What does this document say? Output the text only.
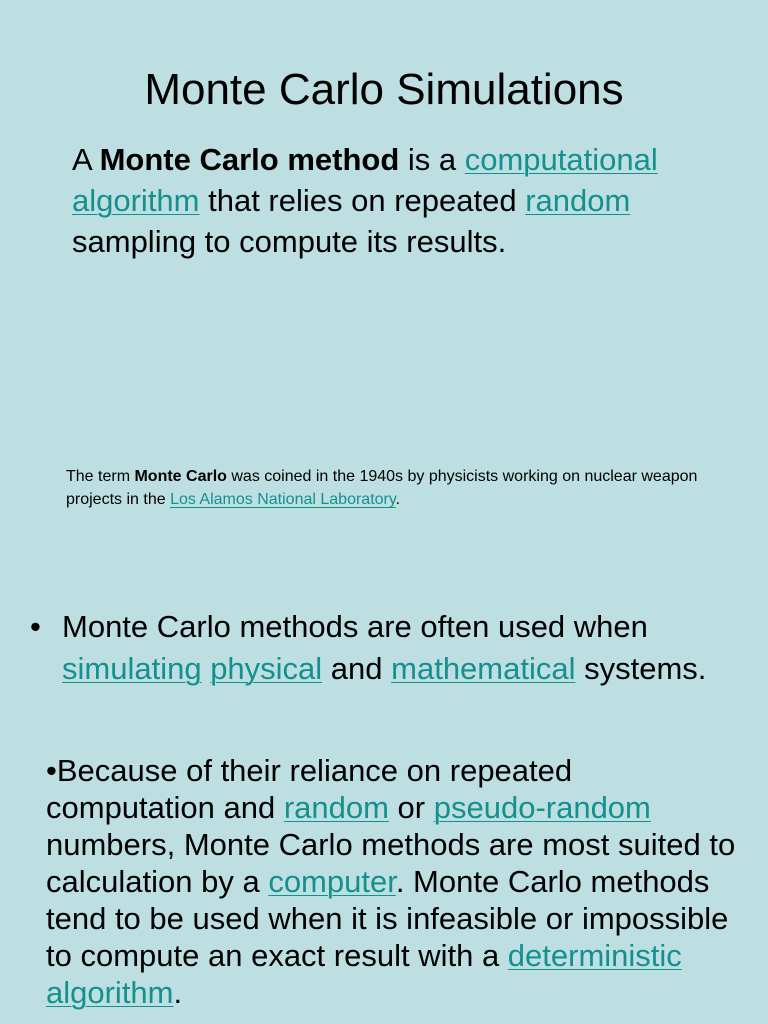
Monte Carlo Simulations

A Monte Carlo method is a computational algorithm that relies on repeated random sampling to compute its results.

The term Monte Carlo was coined in the 1940s by physicists working on nuclear weapon projects in the Los Alamos National Laboratory.

• Monte Carlo methods are often used when simulating physical and mathematical systems.

•Because of their reliance on repeated computation and random or pseudo-random numbers, Monte Carlo methods are most suited to calculation by a computer. Monte Carlo methods tend to be used when it is infeasible or impossible to compute an exact result with a deterministic algorithm.
